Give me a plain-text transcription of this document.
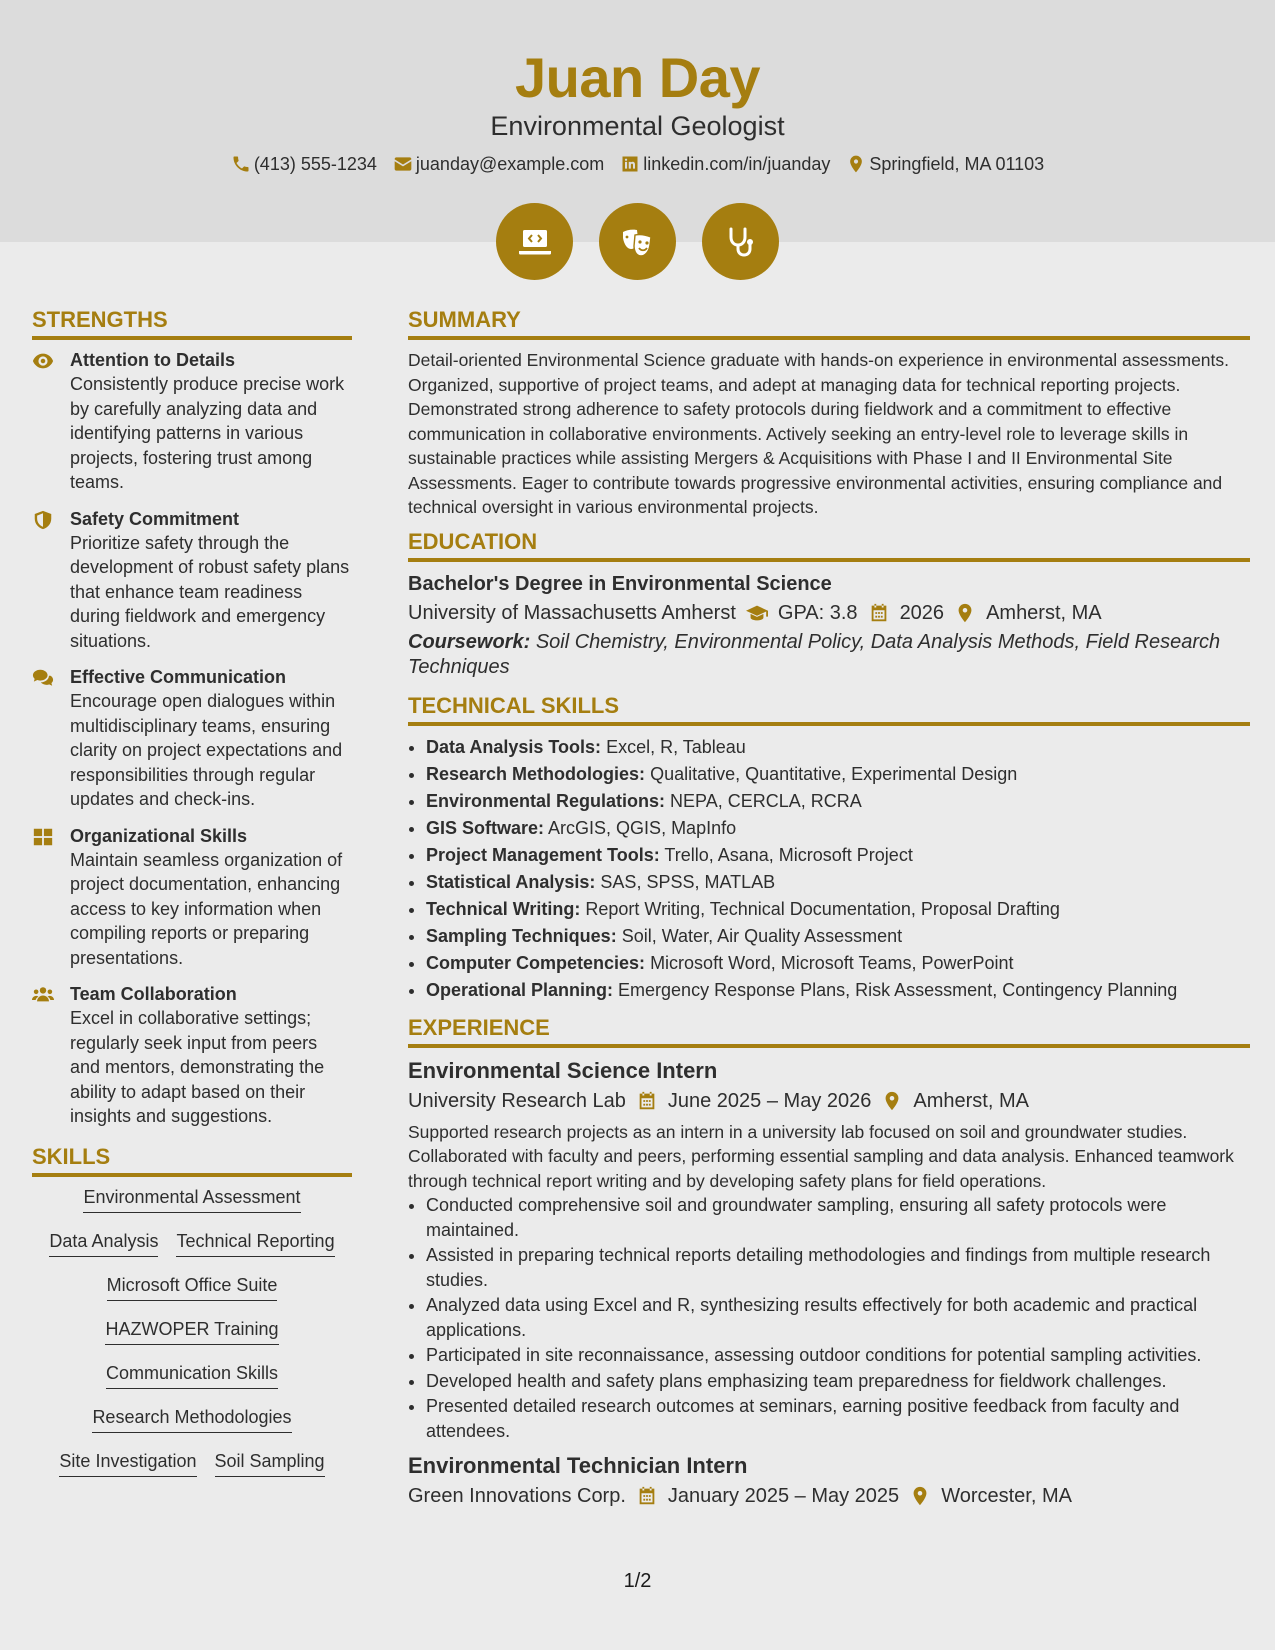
Juan Day
Environmental Geologist
(413) 555-1234 juanday@example.com linkedin.com/in/juanday Springfield, MA 01103
STRENGTHS
Attention to Details
Consistently produce precise work by carefully analyzing data and identifying patterns in various projects, fostering trust among teams.
Safety Commitment
Prioritize safety through the development of robust safety plans that enhance team readiness during fieldwork and emergency situations.
Effective Communication
Encourage open dialogues within multidisciplinary teams, ensuring clarity on project expectations and responsibilities through regular updates and check-ins.
Organizational Skills
Maintain seamless organization of project documentation, enhancing access to key information when compiling reports or preparing presentations.
Team Collaboration
Excel in collaborative settings; regularly seek input from peers and mentors, demonstrating the ability to adapt based on their insights and suggestions.
SKILLS
Environmental Assessment
Data Analysis Technical Reporting
Microsoft Office Suite
HAZWOPER Training
Communication Skills
Research Methodologies
Site Investigation Soil Sampling
SUMMARY

Detail-oriented Environmental Science graduate with hands-on experience in environmental assessments. Organized, supportive of project teams, and adept at managing data for technical reporting projects. Demonstrated strong adherence to safety protocols during fieldwork and a commitment to effective communication in collaborative environments. Actively seeking an entry-level role to leverage skills in sustainable practices while assisting Mergers & Acquisitions with Phase I and II Environmental Site Assessments. Eager to contribute towards progressive environmental activities, ensuring compliance and technical oversight in various environmental projects.

EDUCATION
Bachelor's Degree in Environmental Science
University of Massachusetts Amherst GPA: 3.8 2026 Amherst, MA
Coursework: Soil Chemistry, Environmental Policy, Data Analysis Methods, Field Research Techniques
TECHNICAL SKILLS
• Data Analysis Tools: Excel, R, Tableau
• Research Methodologies: Qualitative, Quantitative, Experimental Design
• Environmental Regulations: NEPA, CERCLA, RCRA
• GIS Software: ArcGIS, QGIS, MapInfo
• Project Management Tools: Trello, Asana, Microsoft Project
• Statistical Analysis: SAS, SPSS, MATLAB
• Technical Writing: Report Writing, Technical Documentation, Proposal Drafting
• Sampling Techniques: Soil, Water, Air Quality Assessment
• Computer Competencies: Microsoft Word, Microsoft Teams, PowerPoint
• Operational Planning: Emergency Response Plans, Risk Assessment, Contingency Planning
EXPERIENCE
Environmental Science Intern
University Research Lab June 2025 – May 2026 Amherst, MA

Supported research projects as an intern in a university lab focused on soil and groundwater studies. Collaborated with faculty and peers, performing essential sampling and data analysis. Enhanced teamwork through technical report writing and by developing safety plans for field operations.

• Conducted comprehensive soil and groundwater sampling, ensuring all safety protocols were maintained.
• Assisted in preparing technical reports detailing methodologies and findings from multiple research studies.
• Analyzed data using Excel and R, synthesizing results effectively for both academic and practical applications.
• Participated in site reconnaissance, assessing outdoor conditions for potential sampling activities.
• Developed health and safety plans emphasizing team preparedness for fieldwork challenges.
• Presented detailed research outcomes at seminars, earning positive feedback from faculty and attendees.
Environmental Technician Intern
Green Innovations Corp. January 2025 – May 2025 Worcester, MA
1/2
